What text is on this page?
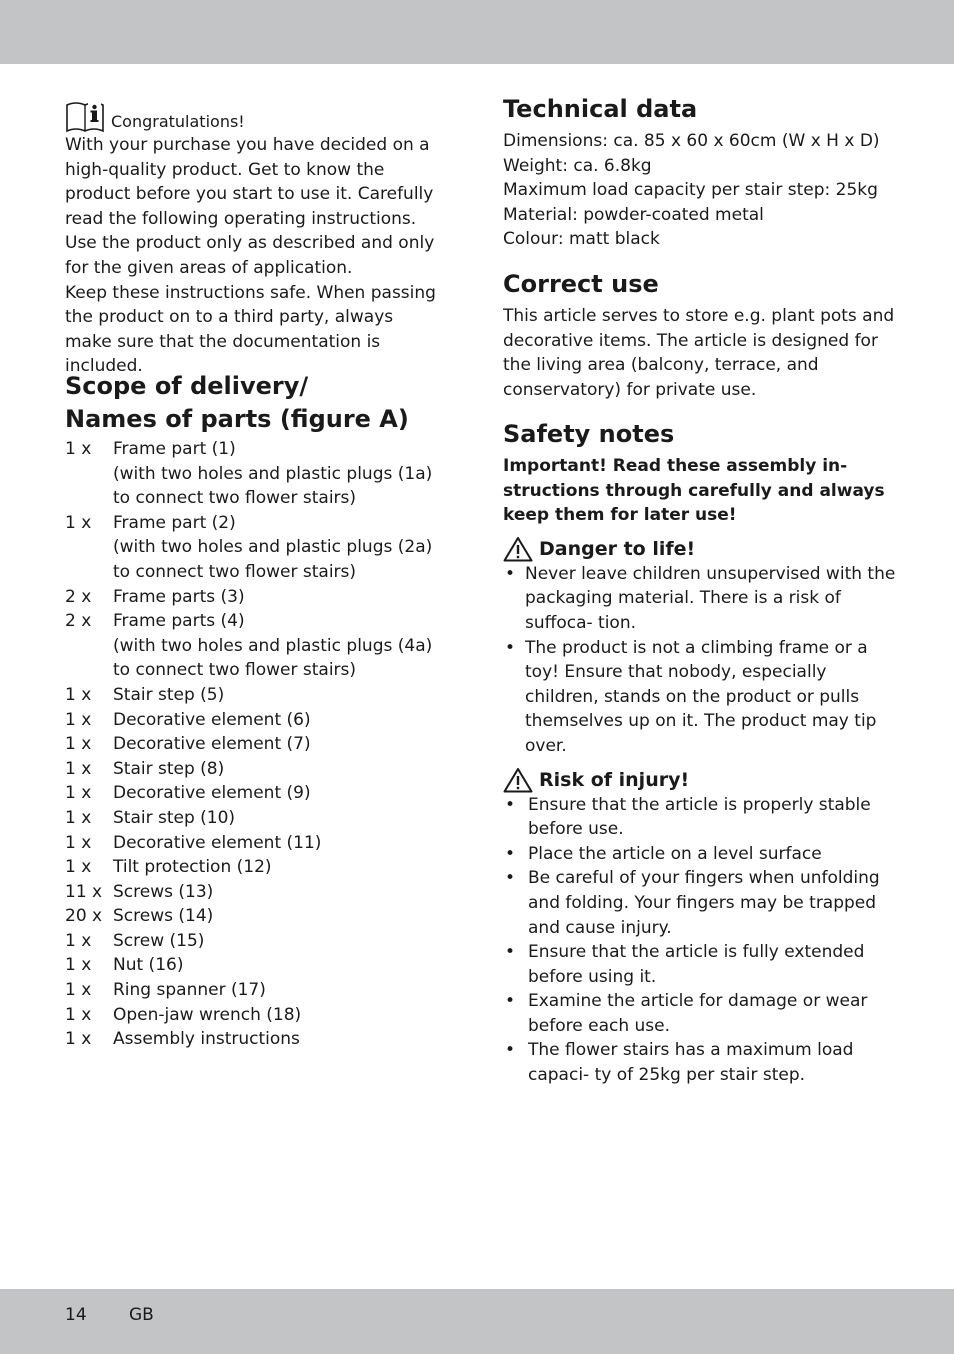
Congratulations!

With your purchase you have decided on a high-quality product. Get to know the product before you start to use it. Carefully read the following operating instructions.

Use the product only as described and only for the given areas of application.

Keep these instructions safe. When passing the product on to a third party, always make sure that the documentation is included.

Scope of delivery/
Names of parts (figure A)
1 x	Frame part (1)
(with two holes and plastic plugs (1a) to connect two flower stairs)
1 x	Frame part (2)
(with two holes and plastic plugs (2a) to connect two flower stairs)
2 x	Frame parts (3)
2 x	Frame parts (4)
(with two holes and plastic plugs (4a) to connect two flower stairs)
1 x	Stair step (5)
1 x	Decorative element (6)
1 x	Decorative element (7)
1 x	Stair step (8)
1 x	Decorative element (9)
1 x	Stair step (10)
1 x	Decorative element (11)
1 x	Tilt protection (12)
11 x Screws (13)
20 x Screws (14)
1 x	Screw (15)
1 x	Nut (16)
1 x	Ring spanner (17)
1 x	Open-jaw wrench (18)
1 x	Assembly instructions
Technical data

Dimensions: ca. 85 x 60 x 60cm (W x H x D)
Weight: ca. 6.8kg
Maximum load capacity per stair step: 25kg
Material: powder-coated metal
Colour: matt black

Correct use

This article serves to store e.g. plant pots and decorative items. The article is designed for the living area (balcony, terrace, and conservatory) for private use.

Safety notes
Important! Read these assembly in- structions through carefully and always keep them for later use!
Danger to life!
• Never leave children unsupervised with the packaging material. There is a risk of suffoca- tion.
• The product is not a climbing frame or a toy! Ensure that nobody, especially children, stands on the product or pulls themselves up on it. The product may tip over.
Risk of injury!
• Ensure that the article is properly stable before use.
• Place the article on a level surface
• Be careful of your fingers when unfolding and folding. Your fingers may be trapped and cause injury.
• Ensure that the article is fully extended before using it.
• Examine the article for damage or wear before each use.
• The flower stairs has a maximum load capaci- ty of 25kg per stair step.
14 GB
